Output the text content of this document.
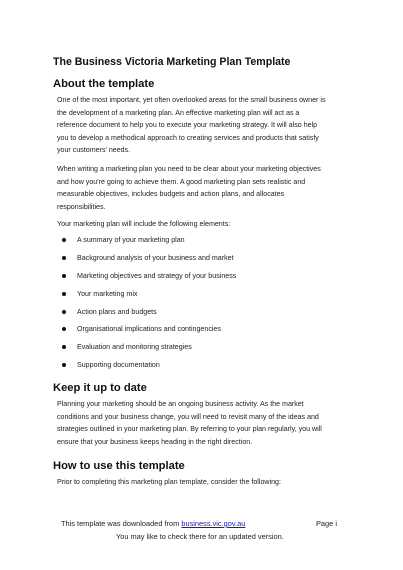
The Business Victoria Marketing Plan Template
About the template
One of the most important, yet often overlooked areas for the small business owner is
the development of a marketing plan. An effective marketing plan will act as a
reference document to help you to execute your marketing strategy. It will also help
you to develop a methodical approach to creating services and products that satisfy
your customers' needs.
When writing a marketing plan you need to be clear about your marketing objectives
and how you're going to achieve them. A good marketing plan sets realistic and
measurable objectives, includes budgets and action plans, and allocates
responsibilities.
Your marketing plan will include the following elements:
A summary of your marketing plan
Background analysis of your business and market
Marketing objectives and strategy of your business
Your marketing mix
Action plans and budgets
Organisational implications and contingencies
Evaluation and monitoring strategies
Supporting documentation
Keep it up to date
Planning your marketing should be an ongoing business activity. As the market
conditions and your business change, you will need to revisit many of the ideas and
strategies outlined in your marketing plan. By referring to your plan regularly, you will
ensure that your business keeps heading in the right direction.
How to use this template
Prior to completing this marketing plan template, consider the following:
This template was downloaded from business.vic.gov.au	Page i
You may like to check there for an updated version.
